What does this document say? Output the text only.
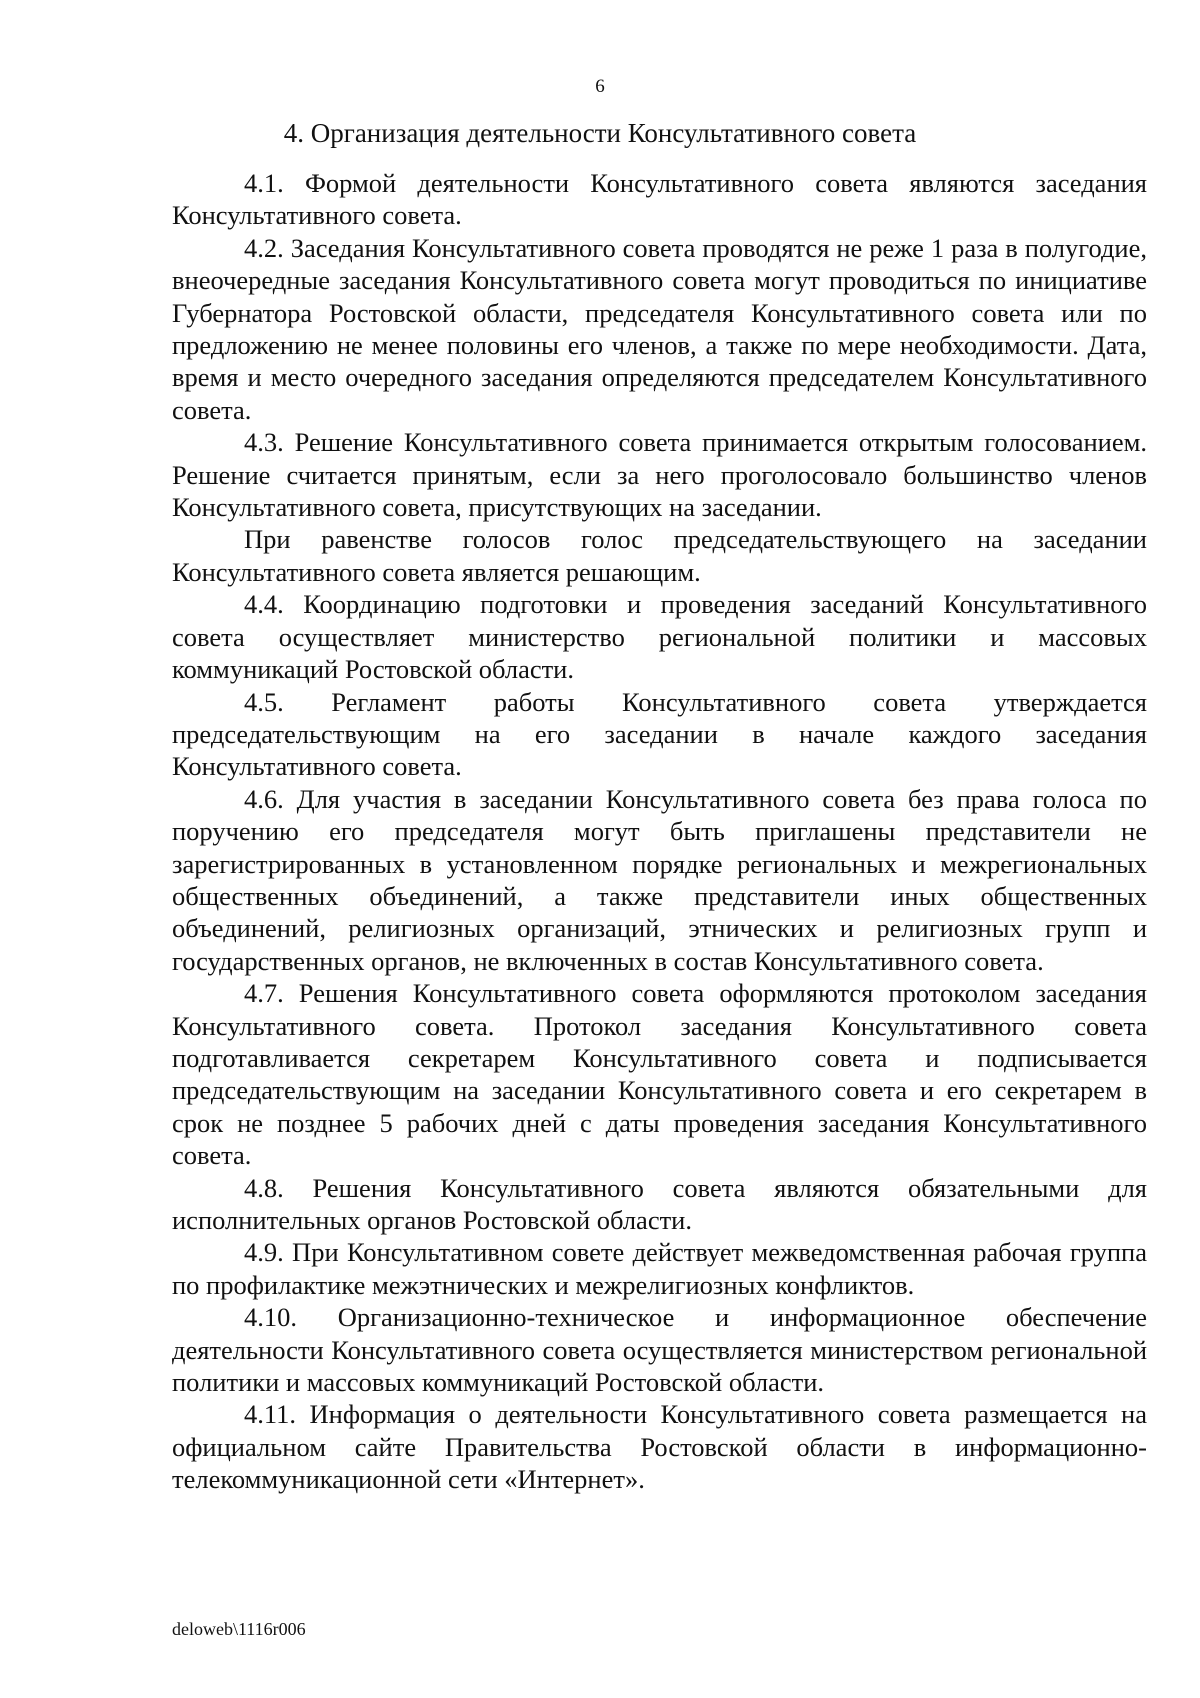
6
4. Организация деятельности Консультативного совета

4.1. Формой деятельности Консультативного совета являются заседания Консультативного совета.

4.2. Заседания Консультативного совета проводятся не реже 1 раза в полугодие, внеочередные заседания Консультативного совета могут проводиться по инициативе Губернатора Ростовской области, председателя Консультативного совета или по предложению не менее половины его членов, а также по мере необходимости. Дата, время и место очередного заседания определяются председателем Консультативного совета.

4.3. Решение Консультативного совета принимается открытым голосованием. Решение считается принятым, если за него проголосовало большинство членов Консультативного совета, присутствующих на заседании.

При равенстве голосов голос председательствующего на заседании Консультативного совета является решающим.

4.4. Координацию подготовки и проведения заседаний Консультативного совета осуществляет министерство региональной политики и массовых коммуникаций Ростовской области.

4.5. Регламент работы Консультативного совета утверждается председательствующим на его заседании в начале каждого заседания Консультативного совета.

4.6. Для участия в заседании Консультативного совета без права голоса по поручению его председателя могут быть приглашены представители не зарегистрированных в установленном порядке региональных и межрегиональных общественных объединений, а также представители иных общественных объединений, религиозных организаций, этнических и религиозных групп и государственных органов, не включенных в состав Консультативного совета.

4.7. Решения Консультативного совета оформляются протоколом заседания Консультативного совета. Протокол заседания Консультативного совета подготавливается секретарем Консультативного совета и подписывается председательствующим на заседании Консультативного совета и его секретарем в срок не позднее 5 рабочих дней с даты проведения заседания Консультативного совета.

4.8. Решения Консультативного совета являются обязательными для исполнительных органов Ростовской области.

4.9. При Консультативном совете действует межведомственная рабочая группа по профилактике межэтнических и межрелигиозных конфликтов.

4.10. Организационно-техническое и информационное обеспечение деятельности Консультативного совета осуществляется министерством региональной политики и массовых коммуникаций Ростовской области.

4.11. Информация о деятельности Консультативного совета размещается на официальном сайте Правительства Ростовской области в информационно-телекоммуникационной сети «Интернет».

deloweb\1116r006
